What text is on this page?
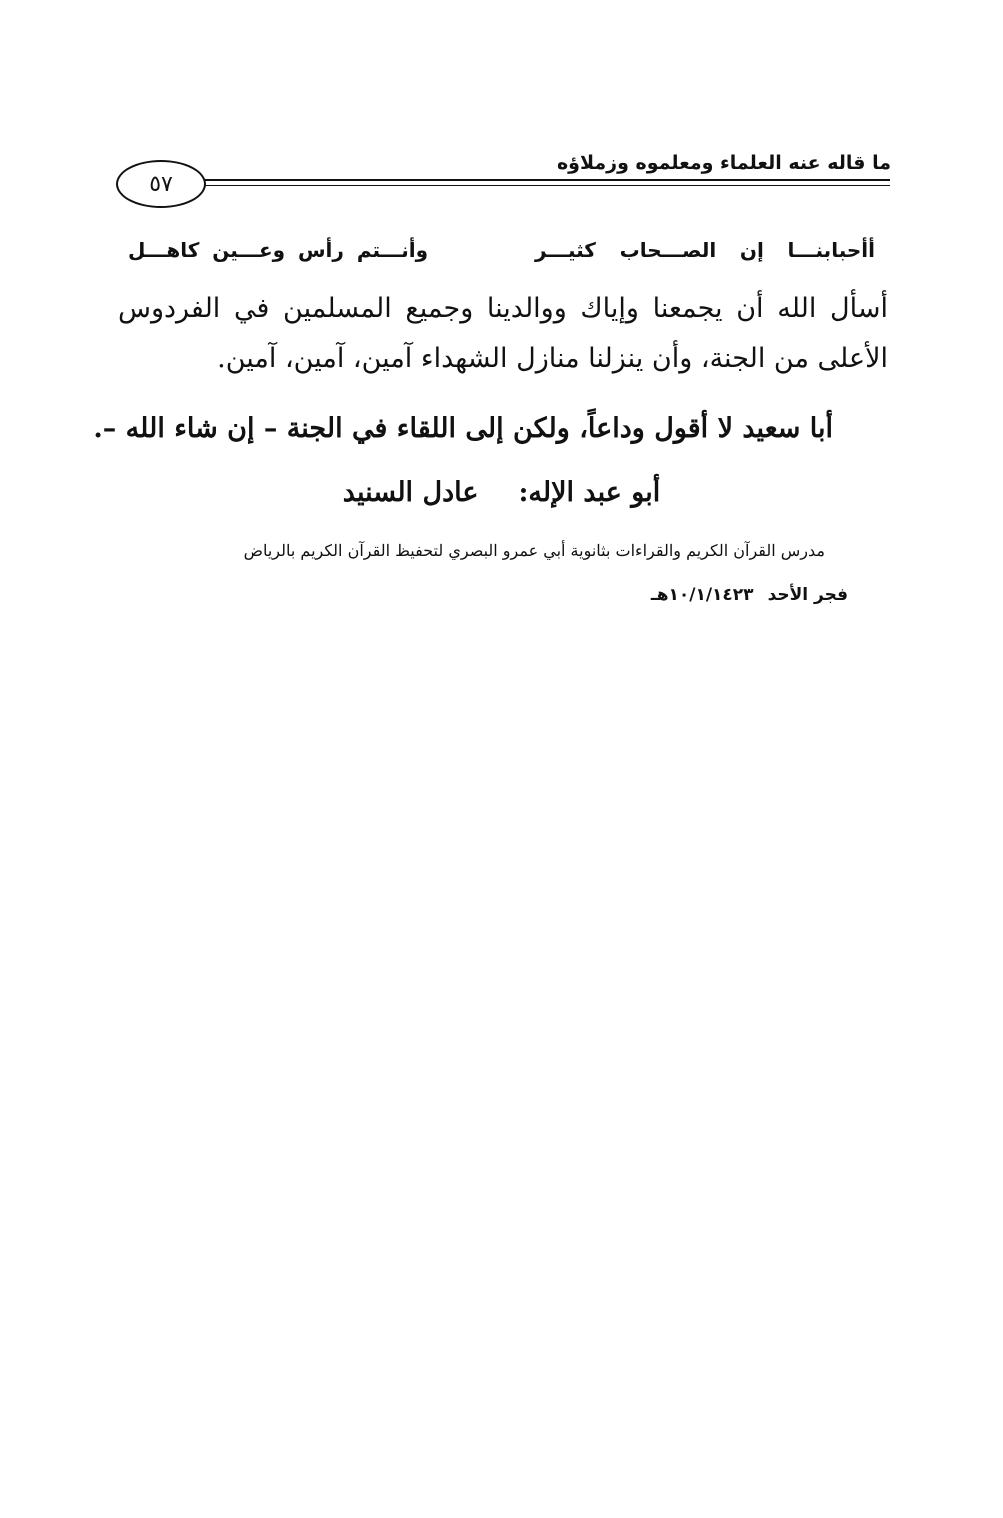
ما قاله عنه العلماء ومعلموه وزملاؤه
٥٧
أأحبابنـــا إن الصـــحاب كثيـــر
وأنـــتم رأس وعـــين كاهـــل
أسأل الله أن يجمعنا وإياك ووالدينا وجميع المسلمين في الفردوس الأعلى من الجنة، وأن ينزلنا منازل الشهداء آمين، آمين، آمين.
أبا سعيد لا أقول وداعاً، ولكن إلى اللقاء في الجنة – إن شاء الله –.
أبو عبد الإله:عادل السنيد
مدرس القرآن الكريم والقراءات بثانوية أبي عمرو البصري لتحفيظ القرآن الكريم بالرياض
فجر الأحد١٠/١/١٤٢٣هـ
